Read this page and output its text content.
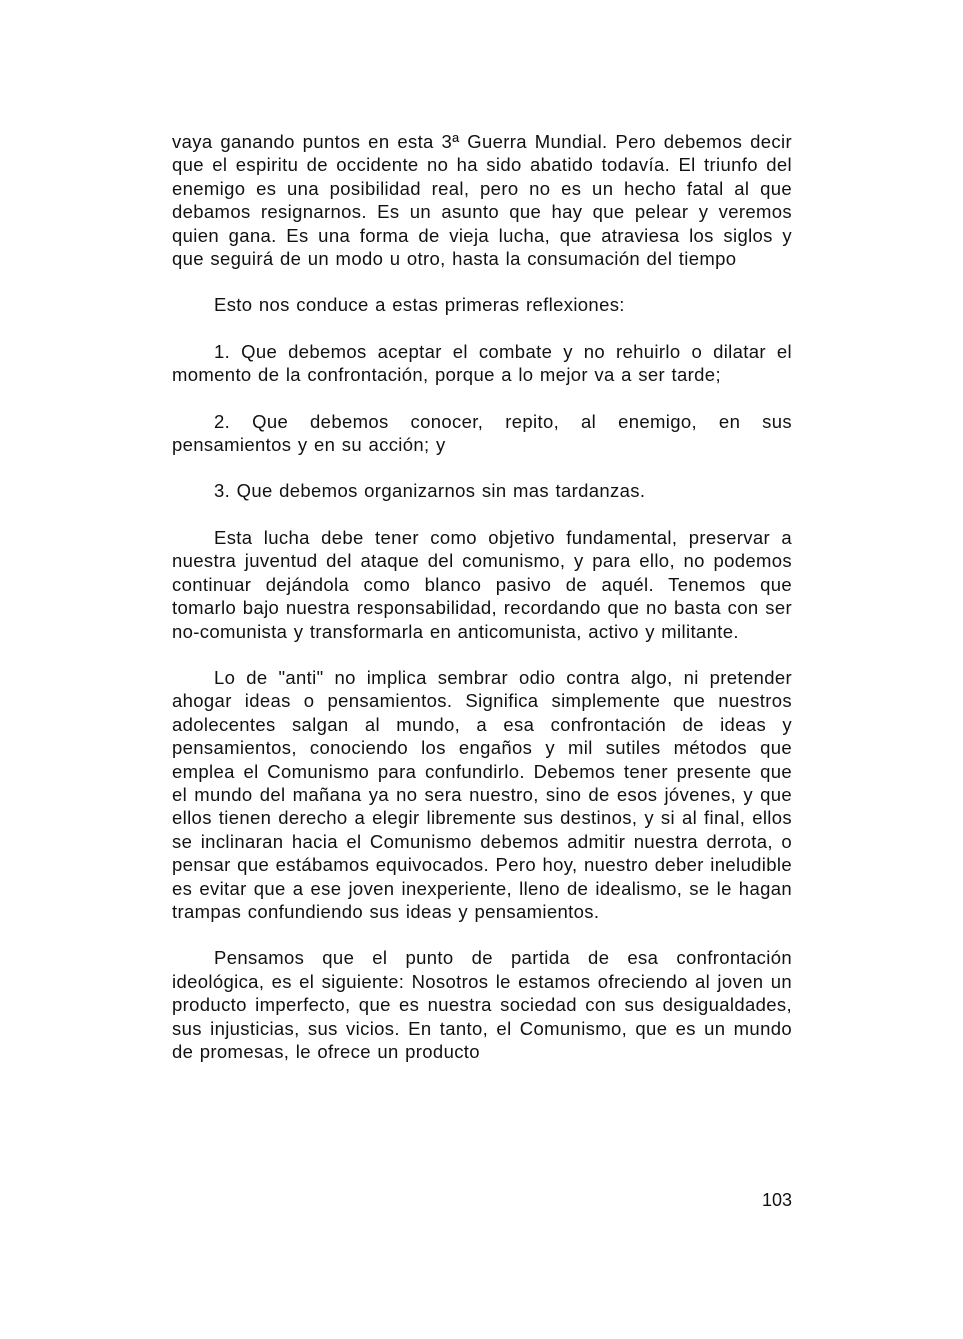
vaya ganando puntos en esta 3ª Guerra Mundial. Pero debemos decir que el espiritu de occidente no ha sido abatido todavía. El triunfo del enemigo es una posibilidad real, pero no es un hecho fatal al que debamos resignarnos. Es un asunto que hay que pelear y veremos quien gana. Es una forma de vieja lucha, que atraviesa los siglos y que seguirá de un modo u otro, hasta la consumación del tiempo

Esto nos conduce a estas primeras reflexiones:

1. Que debemos aceptar el combate y no rehuirlo o dilatar el momento de la confrontación, porque a lo mejor va a ser tarde;

2. Que debemos conocer, repito, al enemigo, en sus pensamientos y en su acción; y

3. Que debemos organizarnos sin mas tardanzas.

Esta lucha debe tener como objetivo fundamental, preservar a nuestra juventud del ataque del comunismo, y para ello, no podemos continuar dejándola como blanco pasivo de aquél. Tenemos que tomarlo bajo nuestra responsabilidad, recordando que no basta con ser no-comunista y transformarla en anticomunista, activo y militante.

Lo de "anti" no implica sembrar odio contra algo, ni pretender ahogar ideas o pensamientos. Significa simplemente que nuestros adolecentes salgan al mundo, a esa confrontación de ideas y pensamientos, conociendo los engaños y mil sutiles métodos que emplea el Comunismo para confundirlo. Debemos tener presente que el mundo del mañana ya no sera nuestro, sino de esos jóvenes, y que ellos tienen derecho a elegir libremente sus destinos, y si al final, ellos se inclinaran hacia el Comunismo debemos admitir nuestra derrota, o pensar que estábamos equivocados. Pero hoy, nuestro deber ineludible es evitar que a ese joven inexperiente, lleno de idealismo, se le hagan trampas confundiendo sus ideas y pensamientos.

Pensamos que el punto de partida de esa confrontación ideológica, es el siguiente: Nosotros le estamos ofreciendo al joven un producto imperfecto, que es nuestra sociedad con sus desigualdades, sus injusticias, sus vicios. En tanto, el Comunismo, que es un mundo de promesas, le ofrece un producto

103
